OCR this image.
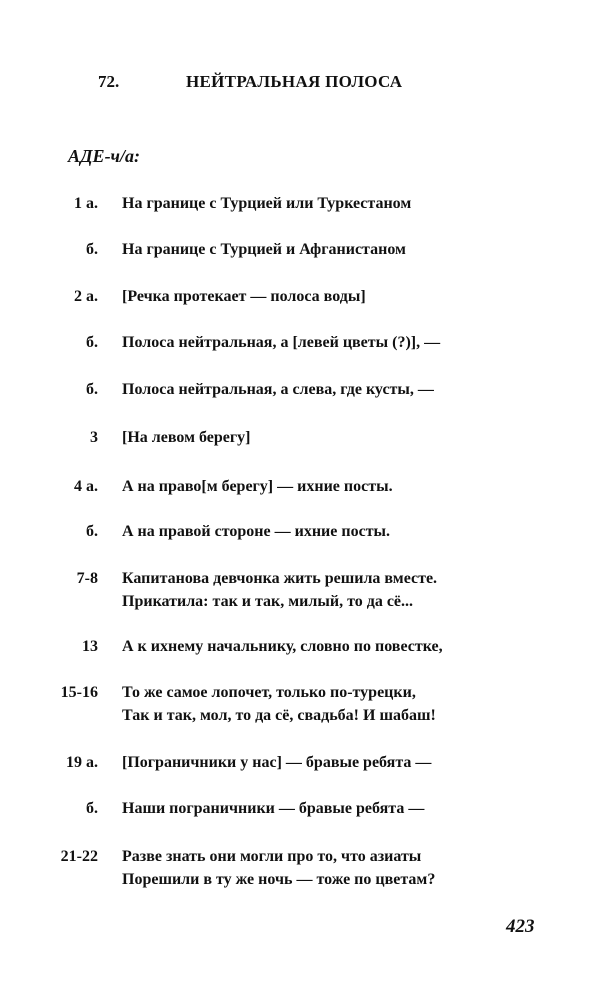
72.	НЕЙТРАЛЬНАЯ ПОЛОСА
АДЕ-ч/а:
1 а. На границе с Турцией или Туркестаном
б. На границе с Турцией и Афганистаном
2 а. [Речка протекает — полоса воды]
б. Полоса нейтральная, а [левей цветы (?)], —
б. Полоса нейтральная, а слева, где кусты, —
3 [На левом берегу]
4 а. А на право[м берегу] — ихние посты.
б. А на правой стороне — ихние посты.
7-8 Капитанова девчонка жить решила вместе.
Прикатила: так и так, милый, то да сё...
13 А к ихнему начальнику, словно по повестке,
15-16 То же самое лопочет, только по-турецки,
Так и так, мол, то да сё, свадьба! И шабаш!
19 а. [Пограничники у нас] — бравые ребята —
б. Наши пограничники — бравые ребята —
21-22 Разве знать они могли про то, что азиаты
Порешили в ту же ночь — тоже по цветам?
423
